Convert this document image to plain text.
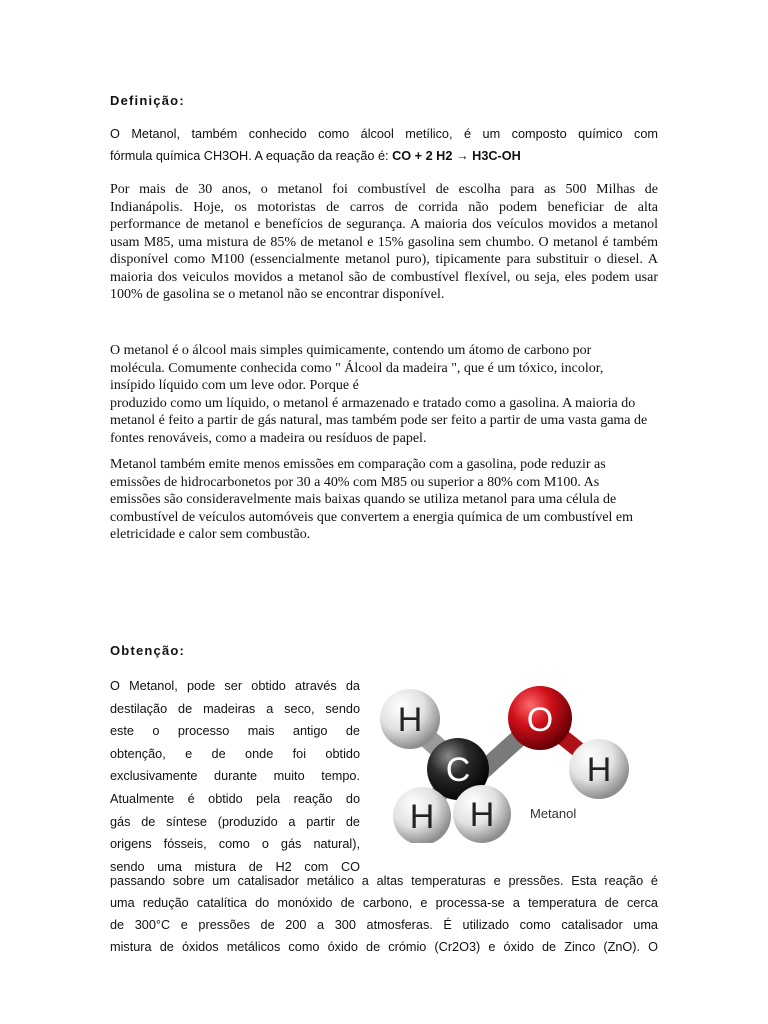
Definição:

O Metanol, também conhecido como álcool metílico, é um composto químico com
fórmula química CH3OH. A equação da reação é: CO + 2 H2 → H3C-OH

Por mais de 30 anos, o metanol foi combustível de escolha para as 500 Milhas de
Indianápolis. Hoje, os motoristas de carros de corrida não podem beneficiar de alta
performance de metanol e benefícios de segurança. A maioria dos veículos movidos a metanol
usam M85, uma mistura de 85% de metanol e 15% gasolina sem chumbo. O metanol é também
disponível como M100 (essencialmente metanol puro), tipicamente para substituir o diesel. A
maioria dos veiculos movidos a metanol são de combustível flexível, ou seja, eles podem usar
100% de gasolina se o metanol não se encontrar disponível.

O metanol é o álcool mais simples quimicamente, contendo um átomo de carbono por
molécula. Comumente conhecida como " Álcool da madeira ", que é um tóxico, incolor,
insípido líquido com um leve odor. Porque é
produzido como um líquido, o metanol é armazenado e tratado como a gasolina. A maioria do
metanol é feito a partir de gás natural, mas também pode ser feito a partir de uma vasta gama de
fontes renováveis, como a madeira ou resíduos de papel.

Metanol também emite menos emissões em comparação com a gasolina, pode reduzir as
emissões de hidrocarbonetos por 30 a 40% com M85 ou superior a 80% com M100. As
emissões são consideravelmente mais baixas quando se utiliza metanol para uma célula de
combustível de veículos automóveis que convertem a energia química de um combustível em
eletricidade e calor sem combustão.

Obtenção:

O Metanol, pode ser obtido através da
destilação de madeiras a seco, sendo
este o processo mais antigo de
obtenção, e de onde foi obtido
exclusivamente durante muito tempo.
Atualmente é obtido pela reação do
gás de síntese (produzido a partir de
origens fósseis, como o gás natural),
sendo uma mistura de H2 com CO

passando sobre um catalisador metálico a altas temperaturas e pressões. Esta reação é
uma redução catalítica do monóxido de carbono, e processa-se a temperatura de cerca
de 300°C e pressões de 200 a 300 atmosferas. É utilizado como catalisador uma
mistura de óxidos metálicos como óxido de crómio (Cr2O3) e óxido de Zinco (ZnO). O

H	O
C	H
H H	Metanol
